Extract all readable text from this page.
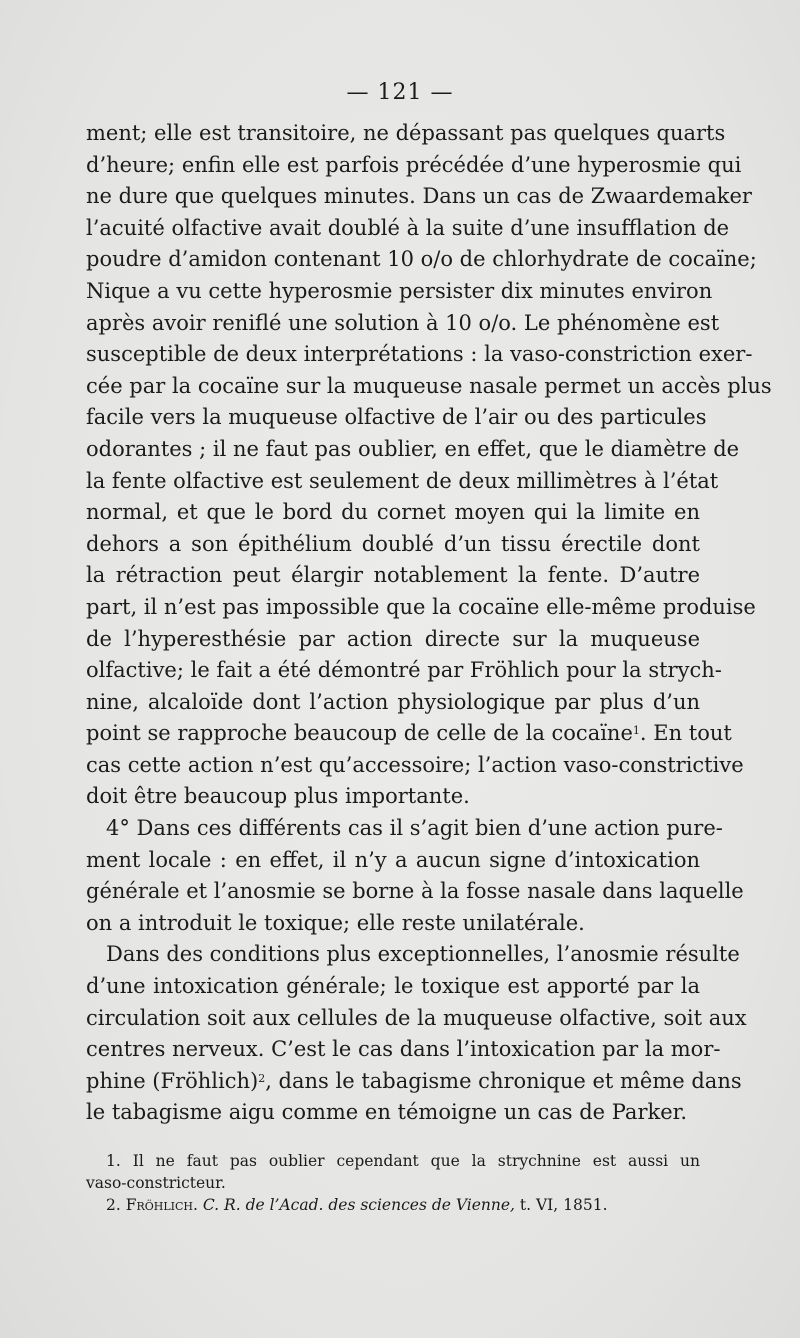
— 121 —
ment; elle est transitoire, ne dépassant pas quelques quarts
d’heure; enfin elle est parfois précédée d’une hyperosmie qui
ne dure que quelques minutes. Dans un cas de Zwaardemaker
l’acuité olfactive avait doublé à la suite d’une insufflation de
poudre d’amidon contenant 10 o/o de chlorhydrate de cocaïne;
Nique a vu cette hyperosmie persister dix minutes environ
après avoir reniflé une solution à 10 o/o. Le phénomène est
susceptible de deux interprétations : la vaso-constriction exer-
cée par la cocaïne sur la muqueuse nasale permet un accès plus
facile vers la muqueuse olfactive de l’air ou des particules
odorantes ; il ne faut pas oublier, en effet, que le diamètre de
la fente olfactive est seulement de deux millimètres à l’état
normal, et que le bord du cornet moyen qui la limite en
dehors a son épithélium doublé d’un tissu érectile dont
la rétraction peut élargir notablement la fente. D’autre
part, il n’est pas impossible que la cocaïne elle-même produise
de l’hyperesthésie par action directe sur la muqueuse
olfactive; le fait a été démontré par Fröhlich pour la strych-
nine, alcaloïde dont l’action physiologique par plus d’un
point se rapproche beaucoup de celle de la cocaïne$^1$. En tout
cas cette action n’est qu’accessoire; l’action vaso-constrictive
doit être beaucoup plus importante.
4° Dans ces différents cas il s’agit bien d’une action pure-
ment locale : en effet, il n’y a aucun signe d’intoxication
générale et l’anosmie se borne à la fosse nasale dans laquelle
on a introduit le toxique; elle reste unilatérale.
Dans des conditions plus exceptionnelles, l’anosmie résulte
d’une intoxication générale; le toxique est apporté par la
circulation soit aux cellules de la muqueuse olfactive, soit aux
centres nerveux. C’est le cas dans l’intoxication par la mor-
phine (Fröhlich)$^2$, dans le tabagisme chronique et même dans
le tabagisme aigu comme en témoigne un cas de Parker.
1. Il ne faut pas oublier cependant que la strychnine est aussi un
vaso-constricteur.
2. Fröhlich. C. R. de l’Acad. des sciences de Vienne, t. VI, 1851.
